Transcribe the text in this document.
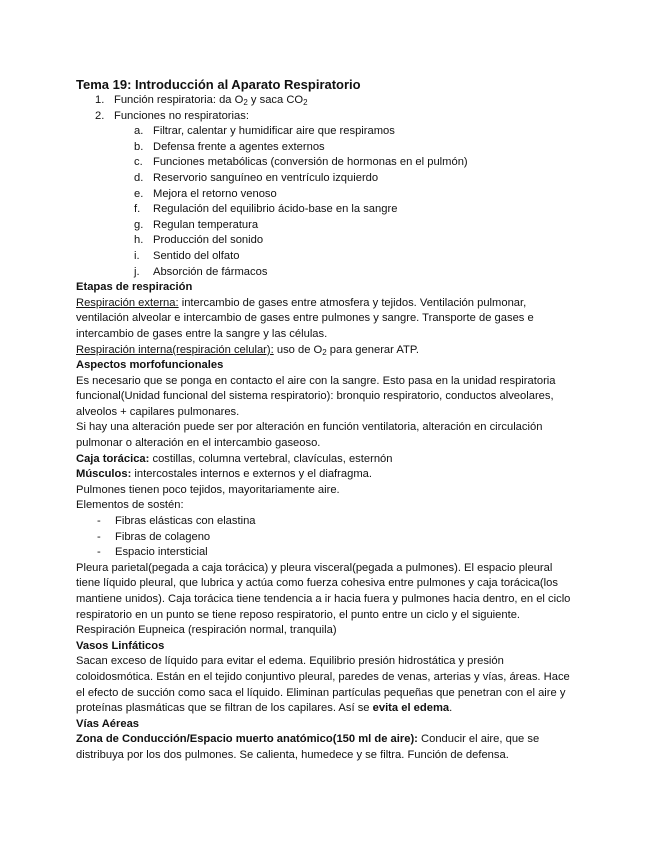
Tema 19: Introducción al Aparato Respiratorio

1. Función respiratoria: da $O_2$ y saca $CO_2$
2. Funciones no respiratorias:
a. Filtrar, calentar y humidificar aire que respiramos
b. Defensa frente a agentes externos
c. Funciones metabólicas (conversión de hormonas en el pulmón)
d. Reservorio sanguíneo en ventrículo izquierdo
e. Mejora el retorno venoso
f. Regulación del equilibrio ácido-base en la sangre
g. Regulan temperatura
h. Producción del sonido
i. Sentido del olfato
j. Absorción de fármacos

Etapas de respiración

Respiración externa: intercambio de gases entre atmosfera y tejidos. Ventilación pulmonar, ventilación alveolar e intercambio de gases entre pulmones y sangre. Transporte de gases e intercambio de gases entre la sangre y las células.

Respiración interna(respiración celular): uso de $O_2$ para generar ATP.

Aspectos morfofuncionales

Es necesario que se ponga en contacto el aire con la sangre. Esto pasa en la unidad respiratoria funcional(Unidad funcional del sistema respiratorio): bronquio respiratorio, conductos alveolares, alveolos + capilares pulmonares.

Si hay una alteración puede ser por alteración en función ventilatoria, alteración en circulación pulmonar o alteración en el intercambio gaseoso.

Caja torácica: costillas, columna vertebral, clavículas, esternón

Músculos: intercostales internos e externos y el diafragma.

Pulmones tienen poco tejidos, mayoritariamente aire.

Elementos de sostén:

- Fibras elásticas con elastina
- Fibras de colageno
- Espacio intersticial

Pleura parietal(pegada a caja torácica) y pleura visceral(pegada a pulmones). El espacio pleural tiene líquido pleural, que lubrica y actúa como fuerza cohesiva entre pulmones y caja torácica(los mantiene unidos). Caja torácica tiene tendencia a ir hacia fuera y pulmones hacia dentro, en el ciclo respiratorio en un punto se tiene reposo respiratorio, el punto entre un ciclo y el siguiente. Respiración Eupneica (respiración normal, tranquila)

Vasos Linfáticos

Sacan exceso de líquido para evitar el edema. Equilibrio presión hidrostática y presión coloidosmótica. Están en el tejido conjuntivo pleural, paredes de venas, arterias y vías, áreas. Hace el efecto de succión como saca el líquido. Eliminan partículas pequeñas que penetran con el aire y proteínas plasmáticas que se filtran de los capilares. Así se evita el edema.

Vías Aéreas

Zona de Conducción/Espacio muerto anatómico(150 ml de aire): Conducir el aire, que se distribuya por los dos pulmones. Se calienta, humedece y se filtra. Función de defensa.
